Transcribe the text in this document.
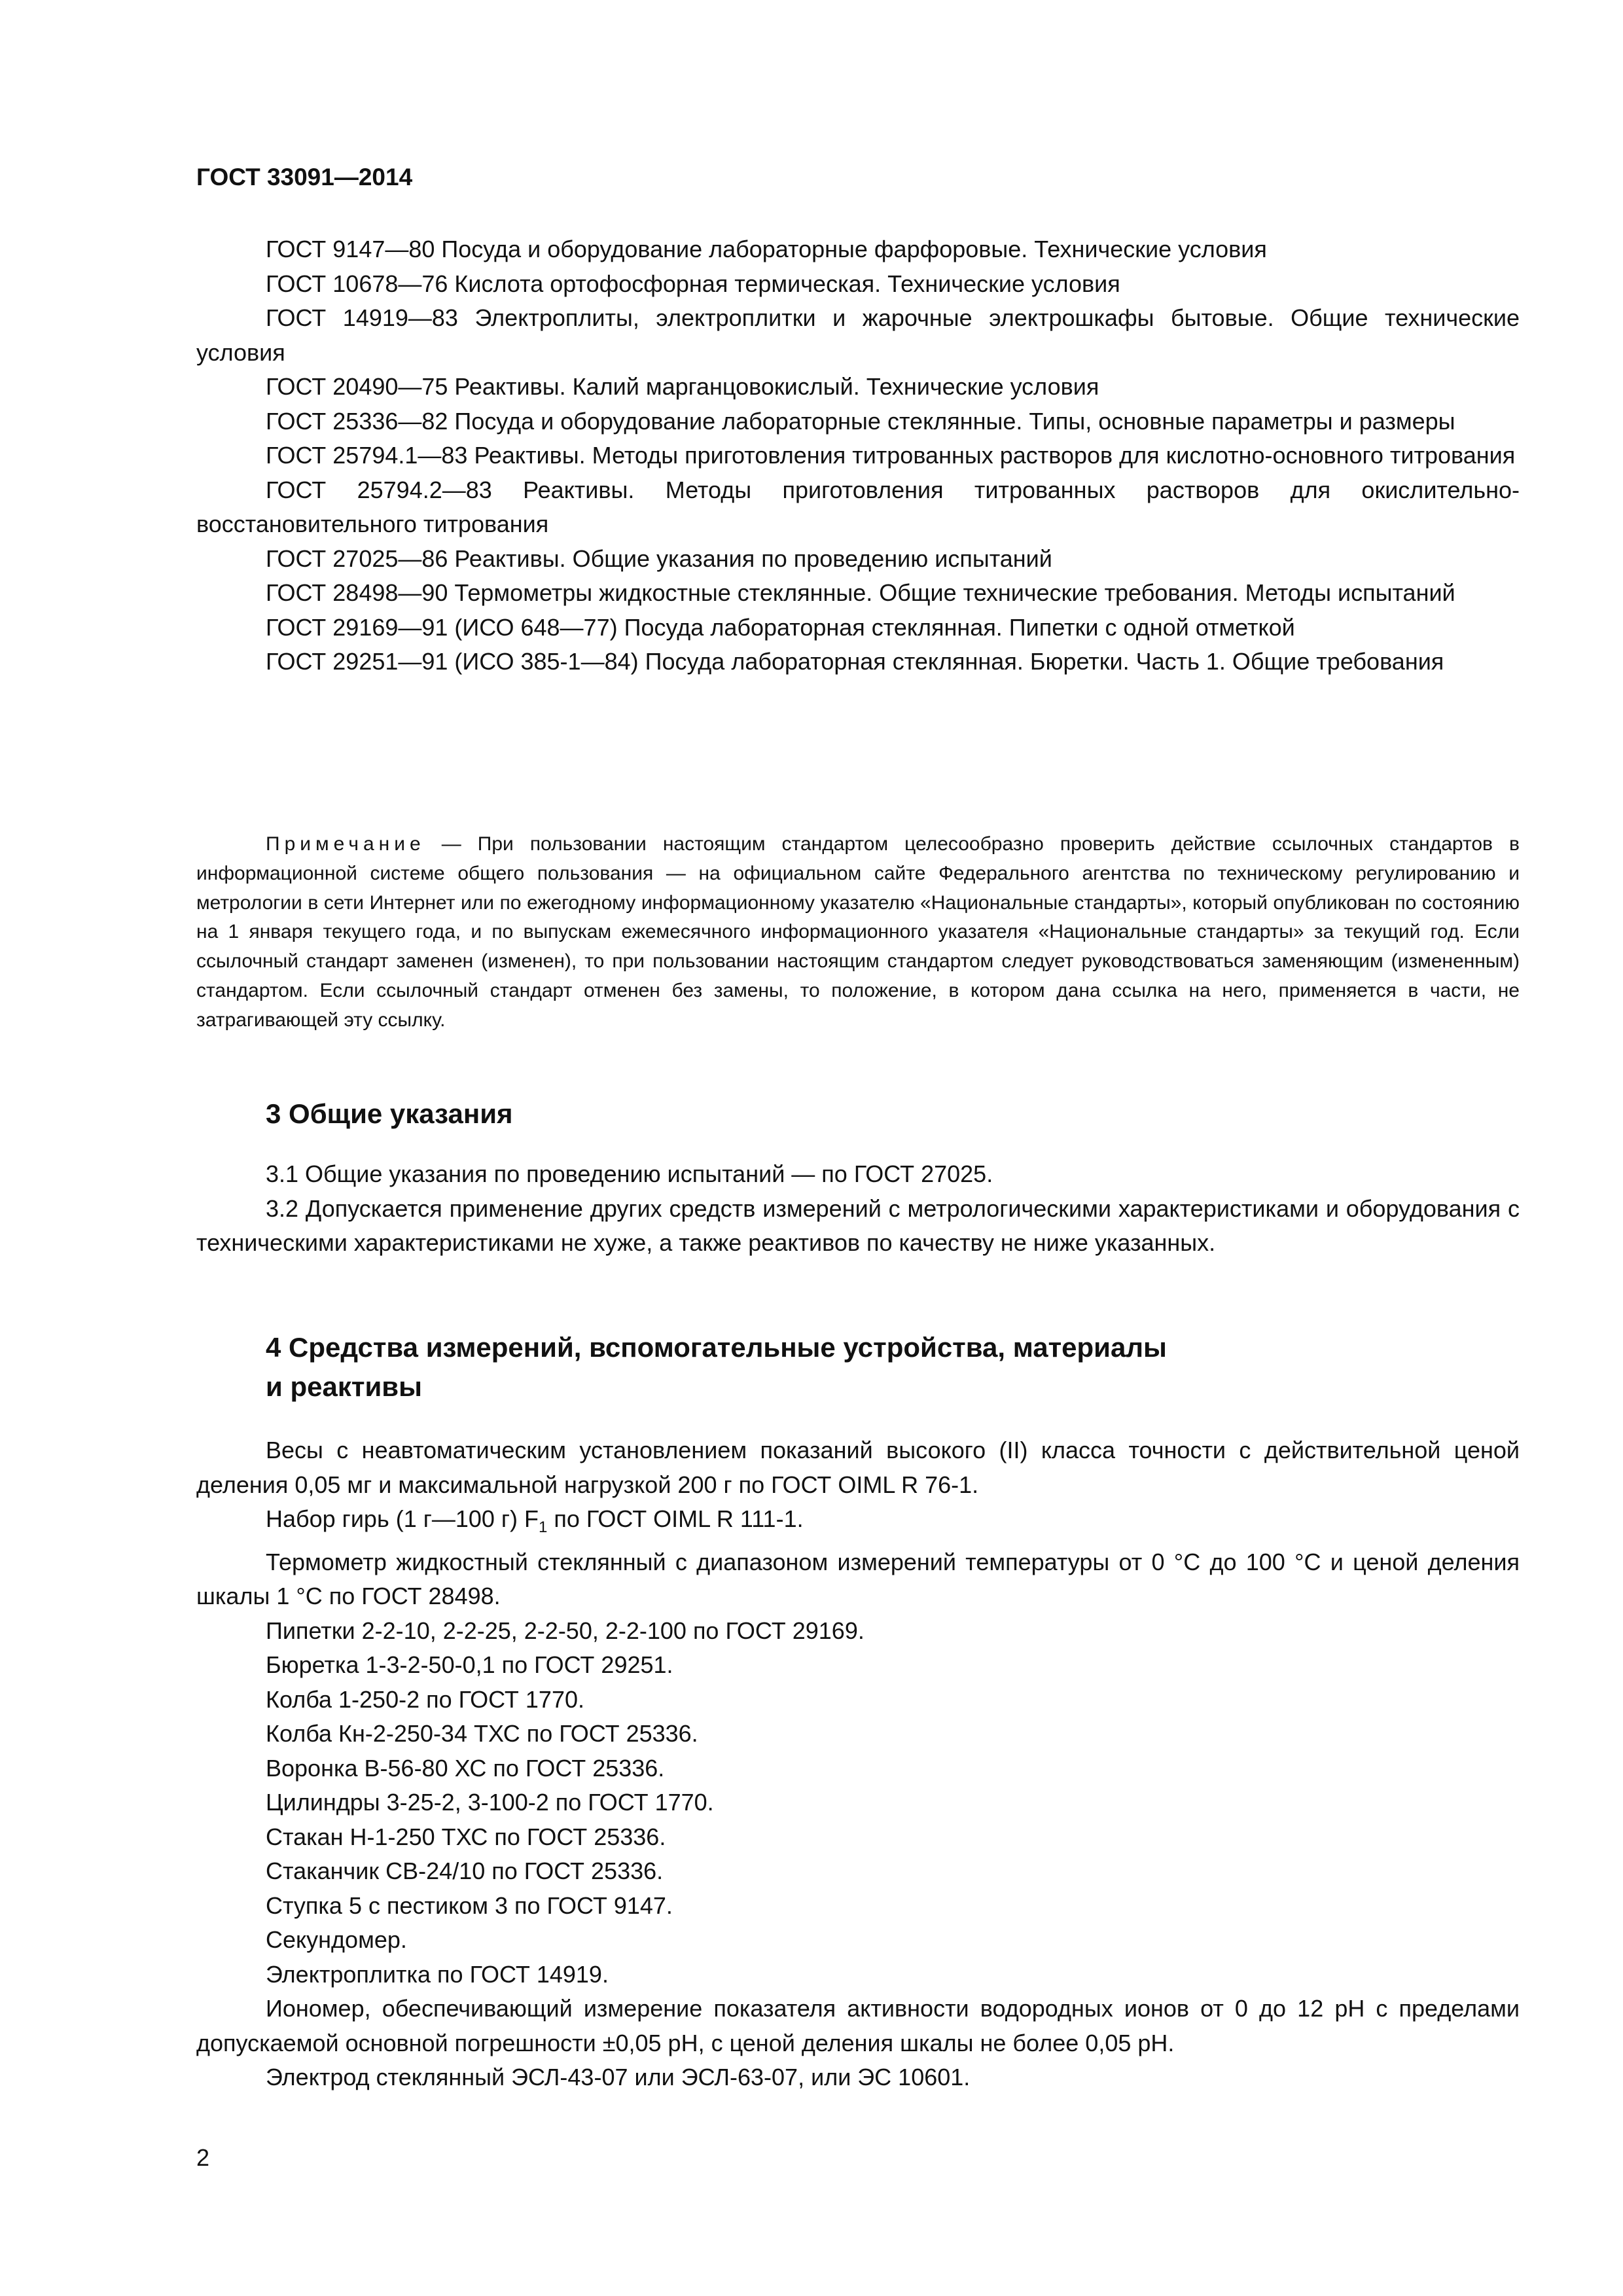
ГОСТ 33091—2014

ГОСТ 9147—80 Посуда и оборудование лабораторные фарфоровые. Технические условия

ГОСТ 10678—76 Кислота ортофосфорная термическая. Технические условия

ГОСТ 14919—83 Электроплиты, электроплитки и жарочные электрошкафы бытовые. Общие технические условия

ГОСТ 20490—75 Реактивы. Калий марганцовокислый. Технические условия

ГОСТ 25336—82 Посуда и оборудование лабораторные стеклянные. Типы, основные параметры и размеры

ГОСТ 25794.1—83 Реактивы. Методы приготовления титрованных растворов для кислотно-основного титрования

ГОСТ 25794.2—83 Реактивы. Методы приготовления титрованных растворов для окислительно-восстановительного титрования

ГОСТ 27025—86 Реактивы. Общие указания по проведению испытаний

ГОСТ 28498—90 Термометры жидкостные стеклянные. Общие технические требования. Методы испытаний

ГОСТ 29169—91 (ИСО 648—77) Посуда лабораторная стеклянная. Пипетки с одной отметкой

ГОСТ 29251—91 (ИСО 385-1—84) Посуда лабораторная стеклянная. Бюретки. Часть 1. Общие требования

Примечание — При пользовании настоящим стандартом целесообразно проверить действие ссылочных стандартов в информационной системе общего пользования — на официальном сайте Федерального агентства по техническому регулированию и метрологии в сети Интернет или по ежегодному информационному указателю «Национальные стандарты», который опубликован по состоянию на 1 января текущего года, и по выпускам ежемесячного информационного указателя «Национальные стандарты» за текущий год. Если ссылочный стандарт заменен (изменен), то при пользовании настоящим стандартом следует руководствоваться заменяющим (измененным) стандартом. Если ссылочный стандарт отменен без замены, то положение, в котором дана ссылка на него, применяется в части, не затрагивающей эту ссылку.

3 Общие указания

3.1 Общие указания по проведению испытаний — по ГОСТ 27025.

3.2 Допускается применение других средств измерений с метрологическими характеристиками и оборудования с техническими характеристиками не хуже, а также реактивов по качеству не ниже указанных.

4 Средства измерений, вспомогательные устройства, материалы

и реактивы

Весы с неавтоматическим установлением показаний высокого (II) класса точности с действительной ценой деления 0,05 мг и максимальной нагрузкой 200 г по ГОСТ OIML R 76-1.

Набор гирь (1 г—100 г) $F_1$ по ГОСТ OIML R 111-1.

Термометр жидкостный стеклянный с диапазоном измерений температуры от 0 °С до 100 °С и ценой деления шкалы 1 °С по ГОСТ 28498.

Пипетки 2-2-10, 2-2-25, 2-2-50, 2-2-100 по ГОСТ 29169.

Бюретка 1-3-2-50-0,1 по ГОСТ 29251.

Колба 1-250-2 по ГОСТ 1770.

Колба Кн-2-250-34 ТХС по ГОСТ 25336.

Воронка В-56-80 ХС по ГОСТ 25336.

Цилиндры 3-25-2, 3-100-2 по ГОСТ 1770.

Стакан Н-1-250 ТХС по ГОСТ 25336.

Стаканчик СВ-24/10 по ГОСТ 25336.

Ступка 5 с пестиком 3 по ГОСТ 9147.

Секундомер.

Электроплитка по ГОСТ 14919.

Иономер, обеспечивающий измерение показателя активности водородных ионов от 0 до 12 рН с пределами допускаемой основной погрешности ±0,05 рН, с ценой деления шкалы не более 0,05 рН.

Электрод стеклянный ЭСЛ-43-07 или ЭСЛ-63-07, или ЭС 10601.

2
